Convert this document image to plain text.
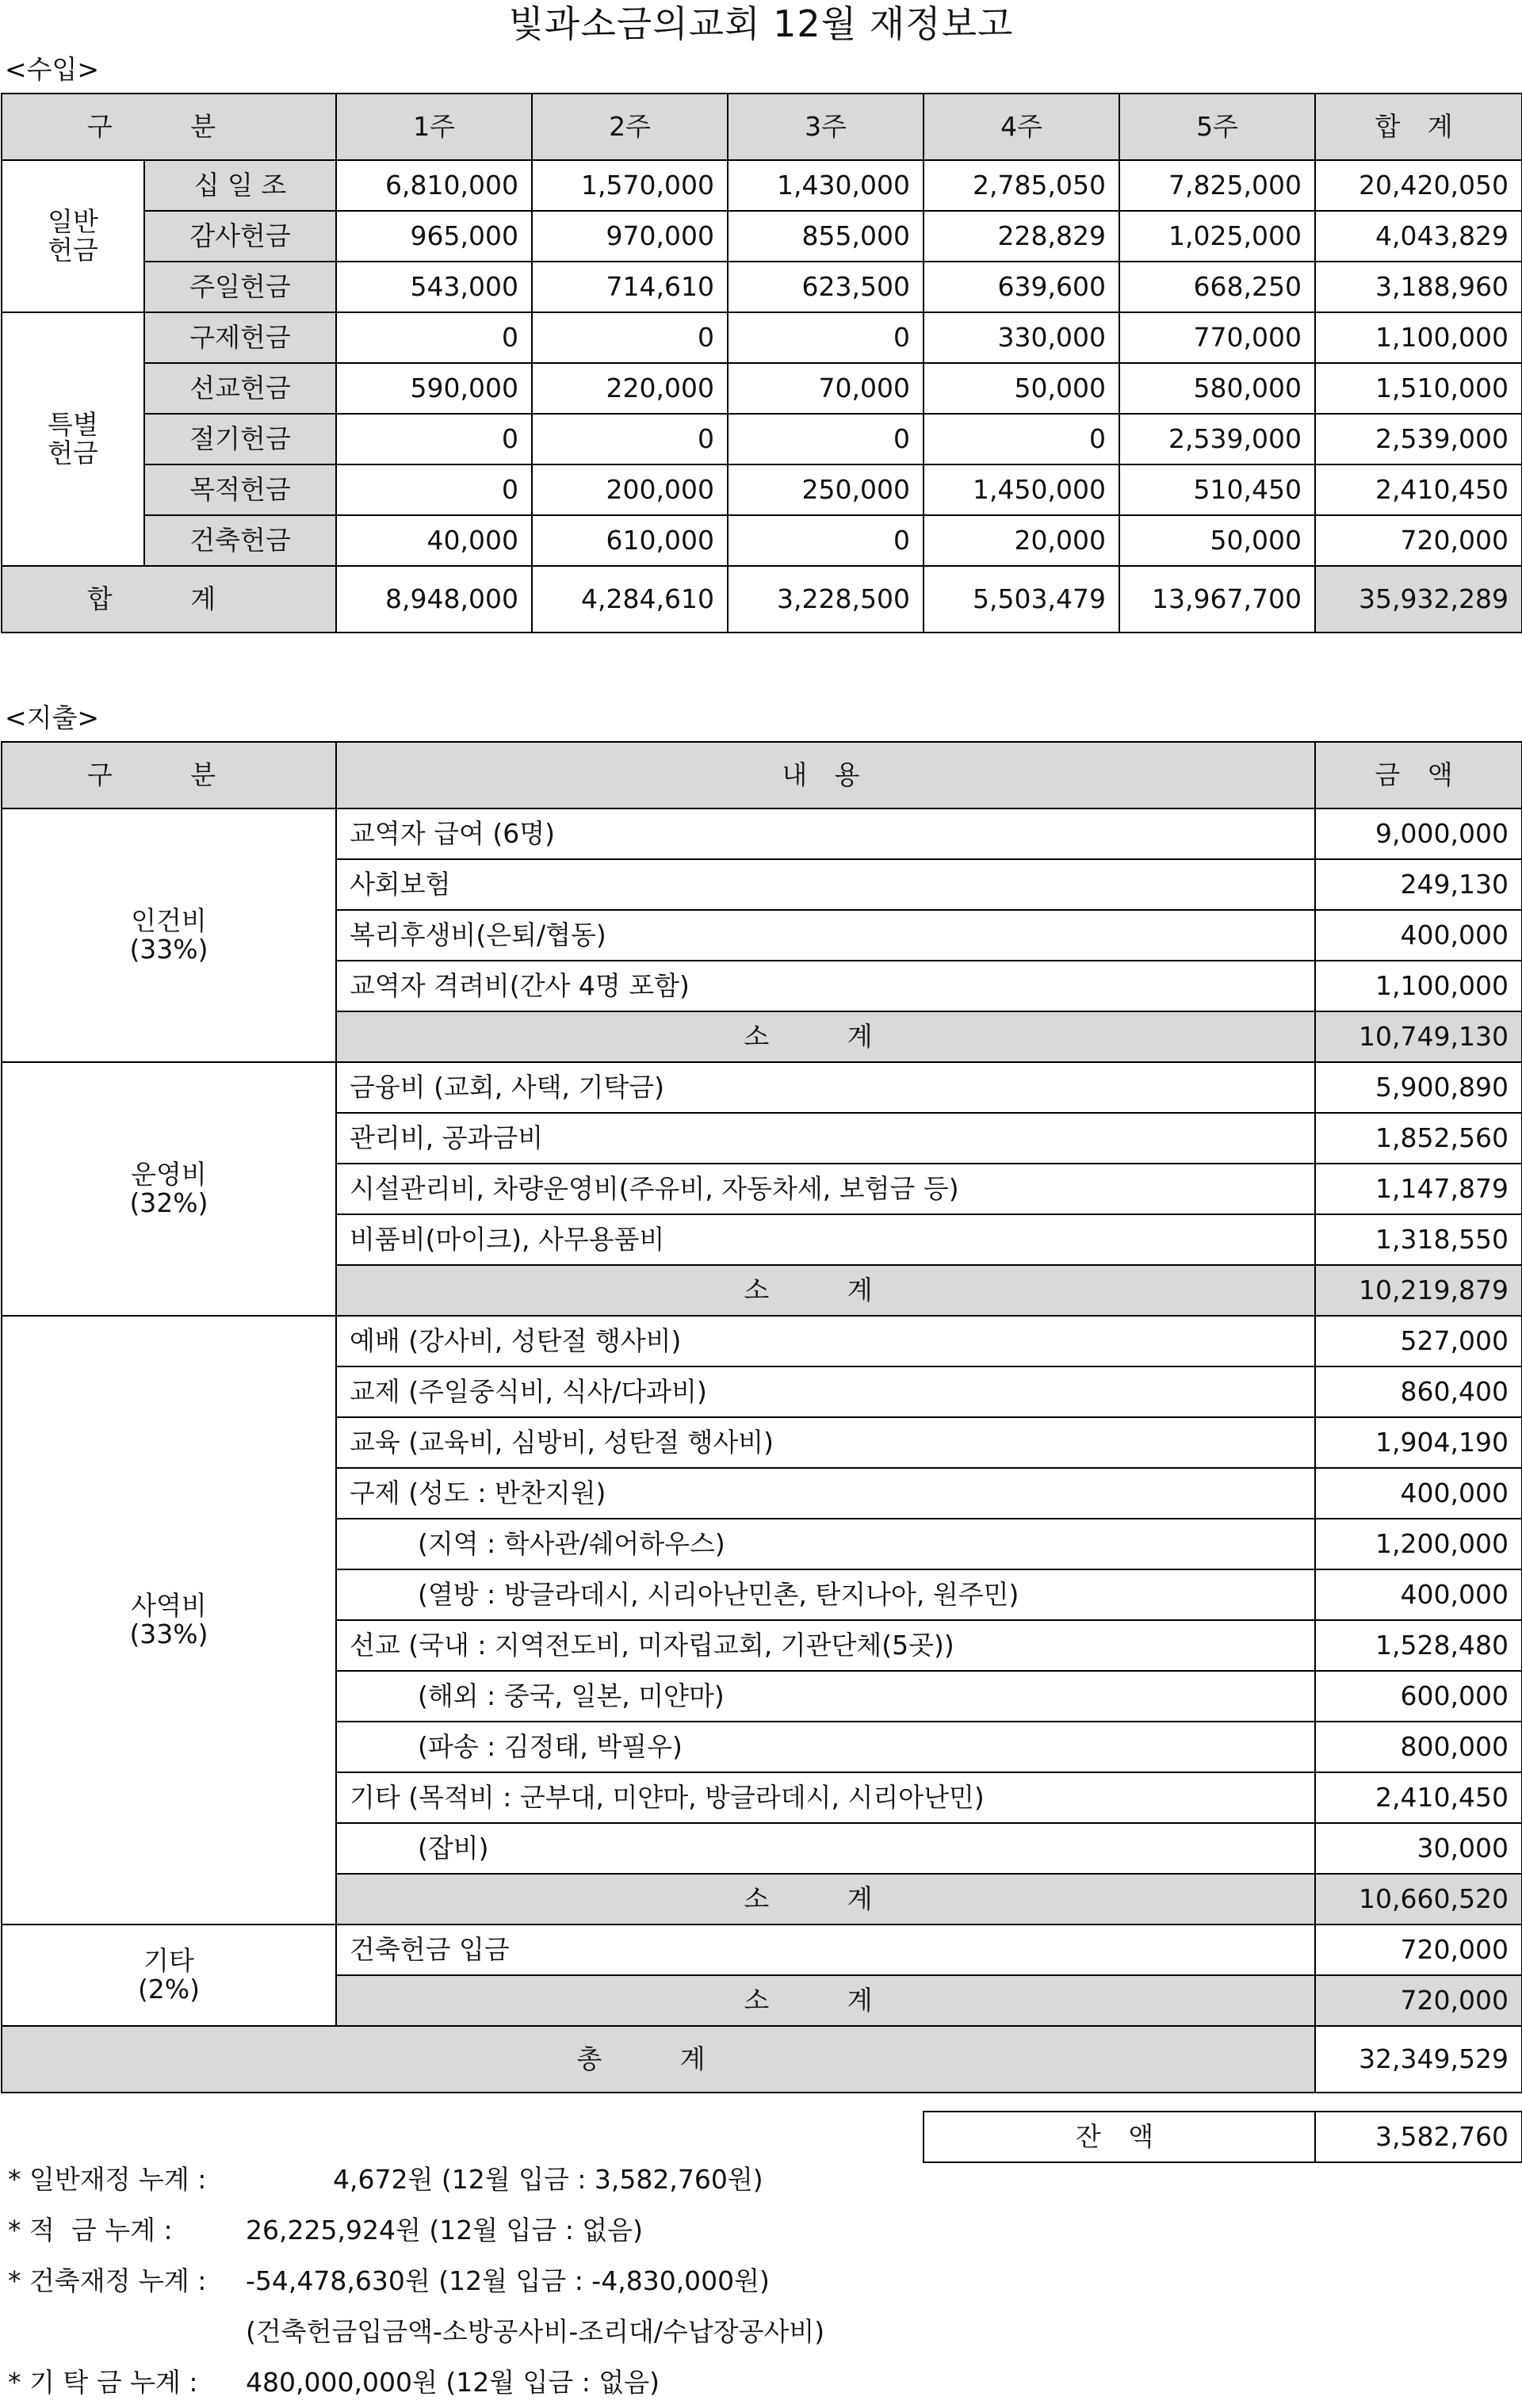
빛과소금의교회 12월 재정보고
<수입>
구 분		1주	2주	3주	4주	5주	합 계
일반
헌금	십 일 조	6,810,000	1,570,000	1,430,000	2,785,050	7,825,000	20,420,050
	감사헌금	965,000	970,000	855,000	228,829	1,025,000	4,043,829
	주일헌금	543,000	714,610	623,500	639,600	668,250	3,188,960
특별
헌금	구제헌금	0	0	0	330,000	770,000	1,100,000
	선교헌금	590,000	220,000	70,000	50,000	580,000	1,510,000
	절기헌금	0	0	0	0	2,539,000	2,539,000
	목적헌금	0	200,000	250,000	1,450,000	510,450	2,410,450
	건축헌금	40,000	610,000	0	20,000	50,000	720,000
합 계		8,948,000	4,284,610	3,228,500	5,503,479	13,967,700	35,932,289
<지출>
구 분	내 용	금 액
인건비
(33%)	교역자 급여 (6명)	9,000,000
	사회보험	249,130
	복리후생비(은퇴/협동)	400,000
	교역자 격려비(간사 4명 포함)	1,100,000
	소 계	10,749,130
운영비
(32%)	금융비 (교회, 사택, 기탁금)	5,900,890
	관리비, 공과금비	1,852,560
	시설관리비, 차량운영비(주유비, 자동차세, 보험금 등)	1,147,879
	비품비(마이크), 사무용품비	1,318,550
	소 계	10,219,879
사역비
(33%)	예배 (강사비, 성탄절 행사비)	527,000
	교제 (주일중식비, 식사/다과비)	860,400
	교육 (교육비, 심방비, 성탄절 행사비)	1,904,190
	구제 (성도 : 반찬지원)	400,000
	(지역 : 학사관/쉐어하우스)	1,200,000
	(열방 : 방글라데시, 시리아난민촌, 탄지나아, 원주민)	400,000
	선교 (국내 : 지역전도비, 미자립교회, 기관단체(5곳))	1,528,480
	(해외 : 중국, 일본, 미얀마)	600,000
	(파송 : 김정태, 박필우)	800,000
	기타 (목적비 : 군부대, 미얀마, 방글라데시, 시리아난민)	2,410,450
	(잡비)	30,000
	소 계	10,660,520
기타
(2%)	건축헌금 입금	720,000
	소 계	720,000
총 계		32,349,529
잔 액	3,582,760
* 일반재정 누계 :	4,672원 (12월 입금 : 3,582,760원)
* 적  금 누계 :	26,225,924원 (12월 입금 : 없음)
* 건축재정 누계 : -54,478,630원 (12월 입금 : -4,830,000원)
(건축헌금입금액-소방공사비-조리대/수납장공사비)
* 기 탁 금 누계 : 480,000,000원 (12월 입금 : 없음)
